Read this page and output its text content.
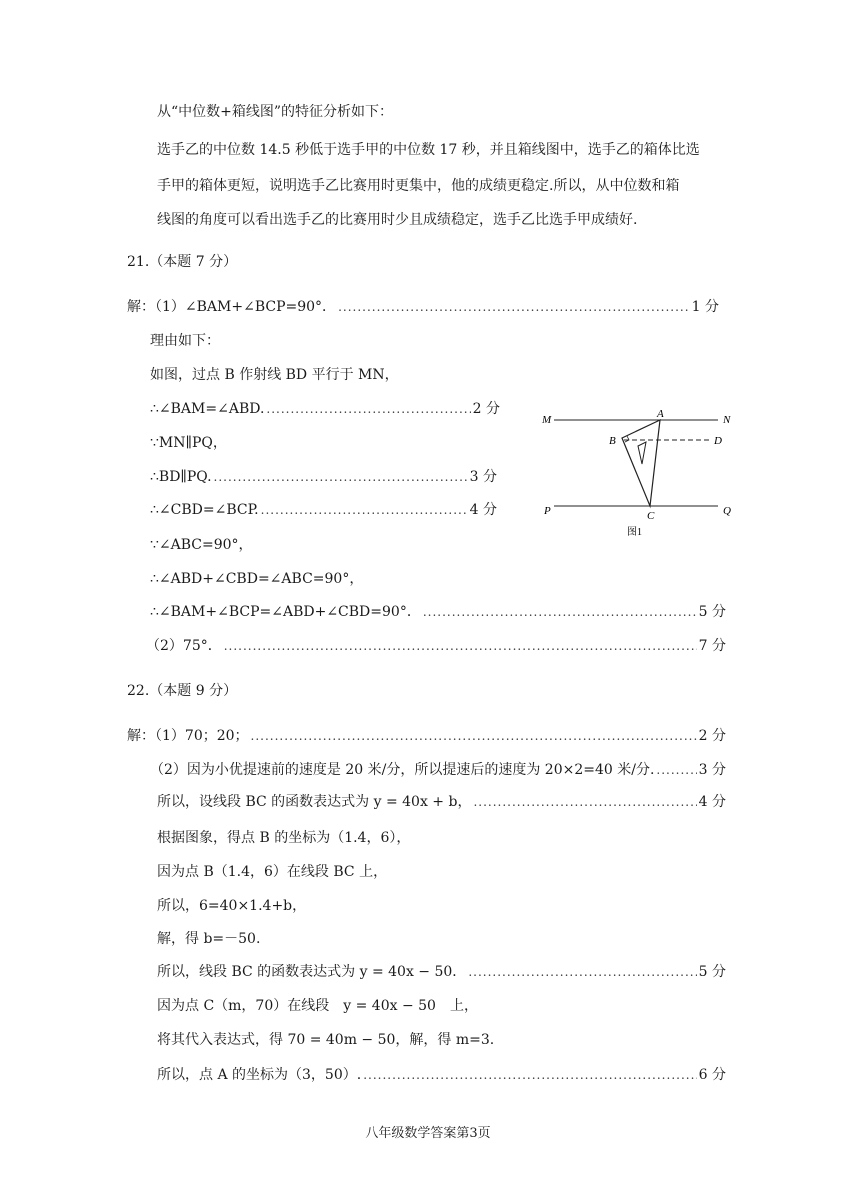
从“中位数+箱线图”的特征分析如下：
选手乙的中位数 14.5 秒低于选手甲的中位数 17 秒，并且箱线图中，选手乙的箱体比选
手甲的箱体更短，说明选手乙比赛用时更集中，他的成绩更稳定.所以，从中位数和箱
线图的角度可以看出选手乙的比赛用时少且成绩稳定，选手乙比选手甲成绩好.
21.（本题 7 分）
解：（1）∠BAM+∠BCP=90°． .....	1 分
理由如下：
如图，过点 B 作射线 BD 平行于 MN，
∴∠BAM=∠ABD. .....	2 分
∵MN∥PQ，
∴BD∥PQ. .....	3 分
∴∠CBD=∠BCP. .....	4 分
∵∠ABC=90°，
∴∠ABD+∠CBD=∠ABC=90°，
∴∠BAM+∠BCP=∠ABD+∠CBD=90°． .....	5 分
（2）75°． .....	7 分
M	N
A
B	D
P	Q
C
图1
22.（本题 9 分）
解：（1）70；20； .....	2 分
（2）因为小优提速前的速度是 20 米/分，所以提速后的速度为 20×2=40 米/分. .....	3 分
所以，设线段 BC 的函数表达式为 y = 40x + b， .....	4 分
根据图象，得点 B 的坐标为（1.4，6），
因为点 B（1.4，6）在线段 BC 上，
所以，6=40×1.4+b，
解，得 b=－50.
所以，线段 BC 的函数表达式为 y = 40x − 50． .....	5 分
因为点 C（m，70）在线段　y = 40x − 50　上，
将其代入表达式，得 70 = 40m − 50，解，得 m=3.
所以，点 A 的坐标为（3，50）. .....	6 分
八年级数学答案第3页
